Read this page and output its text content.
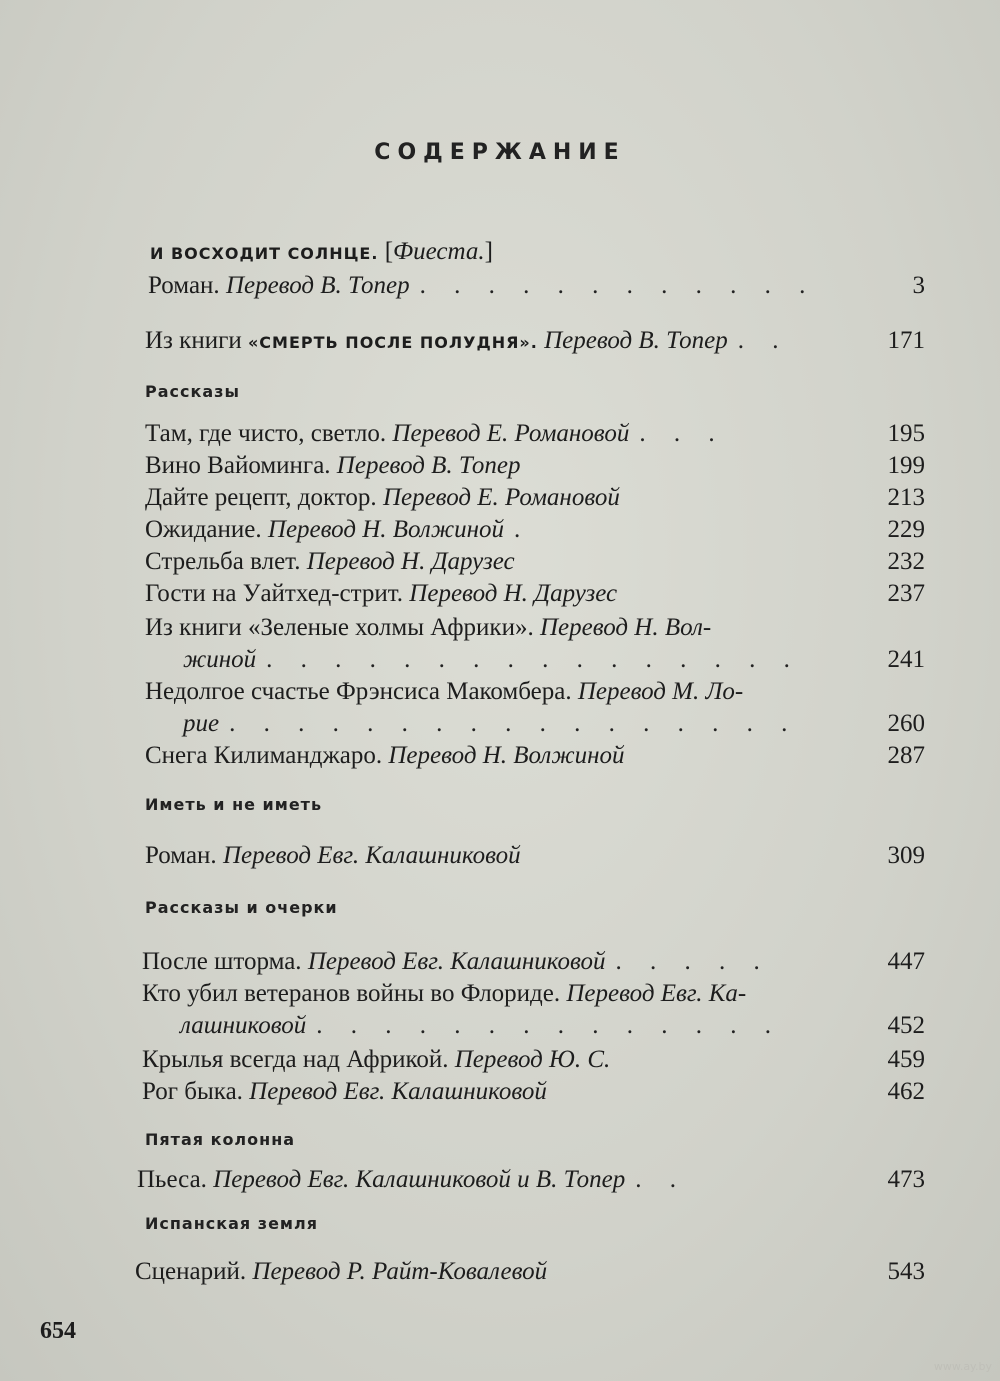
СОДЕРЖАНИЕ
Рассказы
Иметь и не иметь
Рассказы и очерки
Пятая колонна
Испанская земля
И ВОСХОДИТ СОЛНЦЕ. [Фиеста.]
Роман. Перевод В. Топер . . . . . . . . . . . .	3
Из книги «СМЕРТЬ ПОСЛЕ ПОЛУДНЯ». Перевод В. Топер . .	171
Там, где чисто, светло. Перевод Е. Романовой . . .	195
Вино Вайоминга. Перевод В. Топер	199
Дайте рецепт, доктор. Перевод Е. Романовой	213
Ожидание. Перевод Н. Волжиной .	229
Стрельба влет. Перевод Н. Дарузес	232
Гости на Уайтхед-стрит. Перевод Н. Дарузес	237
Из книги «Зеленые холмы Африки». Перевод Н. Вол-
жиной . . . . . . . . . . . . . . . .	241
Недолгое счастье Фрэнсиса Макомбера. Перевод М. Ло-
рие . . . . . . . . . . . . . . . . .	260
Снега Килиманджаро. Перевод Н. Волжиной	287
Роман. Перевод Евг. Калашниковой	309
После шторма. Перевод Евг. Калашниковой . . . . .	447
Кто убил ветеранов войны во Флориде. Перевод Евг. Ка-
лашниковой . . . . . . . . . . . . . .	452
Крылья всегда над Африкой. Перевод Ю. С.	459
Рог быка. Перевод Евг. Калашниковой	462
Пьеса. Перевод Евг. Калашниковой и В. Топер . .	473
Сценарий. Перевод Р. Райт-Ковалевой	543
654
www.ay.by
